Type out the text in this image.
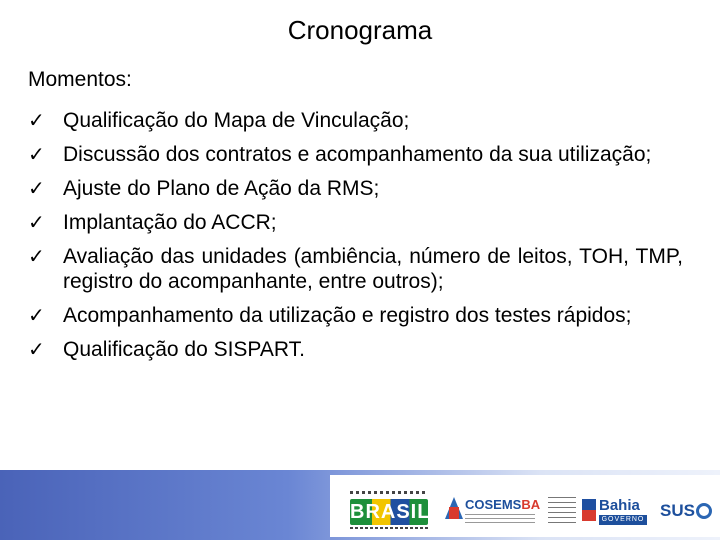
Cronograma
Momentos:
✓ Qualificação do Mapa de Vinculação;
✓ Discussão dos contratos e acompanhamento da sua utilização;
✓ Ajuste do Plano de Ação da RMS;
✓ Implantação do ACCR;
✓ Avaliação das unidades (ambiência, número de leitos, TOH, TMP, registro do acompanhante, entre outros);
✓ Acompanhamento da utilização e registro dos testes rápidos;
✓ Qualificação do SISPART.
BRASIL	COSEMSBA	Bahia
GOVERNO SUS
